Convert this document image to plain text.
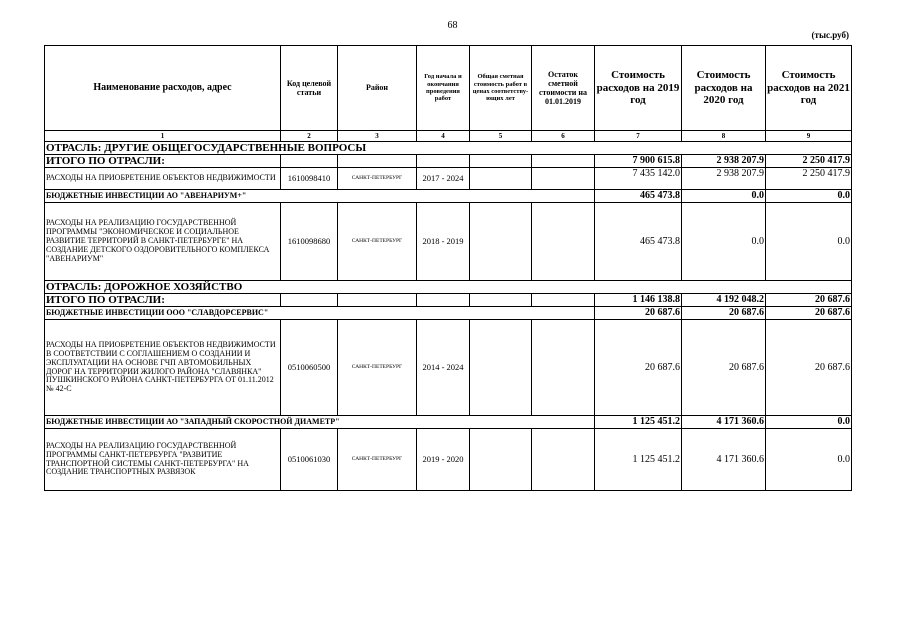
68
(тыс.руб)
Наименование расходов, адрес	Код целевой статьи	Район	Год начала и окончания проведения работ	Общая сметная стоимость работ в ценах соответству-ющих лет	Остаток сметной стоимости на 01.01.2019	Стоимость расходов на 2019 год	Стоимость расходов на 2020 год	Стоимость расходов на 2021 год
1	2	3	4	5	6	7	8	9
ОТРАСЛЬ: ДРУГИЕ ОБЩЕГОСУДАРСТВЕННЫЕ ВОПРОСЫ								
ИТОГО ПО ОТРАСЛИ:						7 900 615.8	2 938 207.9	2 250 417.9
РАСХОДЫ НА ПРИОБРЕТЕНИЕ ОБЪЕКТОВ НЕДВИЖИМОСТИ	1610098410	САНКТ-ПЕТЕРБУРГ	2017 - 2024			7 435 142.0	2 938 207.9	2 250 417.9
БЮДЖЕТНЫЕ ИНВЕСТИЦИИ АО "АВЕНАРИУМ+"						465 473.8	0.0	0.0
РАСХОДЫ НА РЕАЛИЗАЦИЮ ГОСУДАРСТВЕННОЙ ПРОГРАММЫ "ЭКОНОМИЧЕСКОЕ И СОЦИАЛЬНОЕ РАЗВИТИЕ ТЕРРИТОРИЙ В САНКТ-ПЕТЕРБУРГЕ" НА СОЗДАНИЕ ДЕТСКОГО ОЗДОРОВИТЕЛЬНОГО КОМПЛЕКСА "АВЕНАРИУМ"	1610098680	САНКТ-ПЕТЕРБУРГ	2018 - 2019			465 473.8	0.0	0.0
ОТРАСЛЬ: ДОРОЖНОЕ ХОЗЯЙСТВО								
ИТОГО ПО ОТРАСЛИ:						1 146 138.8	4 192 048.2	20 687.6
БЮДЖЕТНЫЕ ИНВЕСТИЦИИ ООО "СЛАВДОРСЕРВИС"						20 687.6	20 687.6	20 687.6
РАСХОДЫ НА ПРИОБРЕТЕНИЕ ОБЪЕКТОВ НЕДВИЖИМОСТИ В СООТВЕТСТВИИ С СОГЛАШЕНИЕМ О СОЗДАНИИ И ЭКСПЛУАТАЦИИ НА ОСНОВЕ ГЧП АВТОМОБИЛЬНЫХ ДОРОГ НА ТЕРРИТОРИИ ЖИЛОГО РАЙОНА "СЛАВЯНКА" ПУШКИНСКОГО РАЙОНА САНКТ-ПЕТЕРБУРГА ОТ 01.11.2012 № 42-С	0510060500	САНКТ-ПЕТЕРБУРГ	2014 - 2024			20 687.6	20 687.6	20 687.6
БЮДЖЕТНЫЕ ИНВЕСТИЦИИ АО "ЗАПАДНЫЙ СКОРОСТНОЙ ДИАМЕТР"						1 125 451.2	4 171 360.6	0.0
РАСХОДЫ НА РЕАЛИЗАЦИЮ ГОСУДАРСТВЕННОЙ ПРОГРАММЫ САНКТ-ПЕТЕРБУРГА "РАЗВИТИЕ ТРАНСПОРТНОЙ СИСТЕМЫ САНКТ-ПЕТЕРБУРГА" НА СОЗДАНИЕ ТРАНСПОРТНЫХ РАЗВЯЗОК	0510061030	САНКТ-ПЕТЕРБУРГ	2019 - 2020			1 125 451.2	4 171 360.6	0.0
